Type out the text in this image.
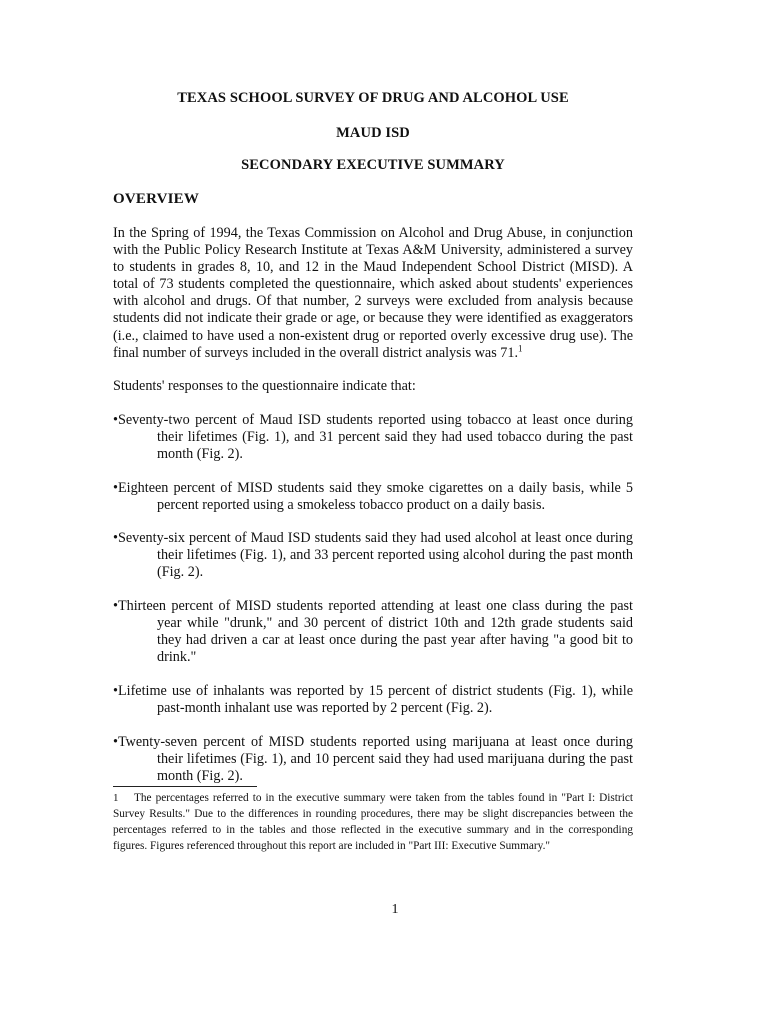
TEXAS SCHOOL SURVEY OF DRUG AND ALCOHOL USE
MAUD ISD
SECONDARY EXECUTIVE SUMMARY
OVERVIEW
In the Spring of 1994, the Texas Commission on Alcohol and Drug Abuse, in conjunction with the Public Policy Research Institute at Texas A&M University, administered a survey to students in grades 8, 10, and 12 in the Maud Independent School District (MISD). A total of 73 students completed the questionnaire, which asked about students' experiences with alcohol and drugs. Of that number, 2 surveys were excluded from analysis because students did not indicate their grade or age, or because they were identified as exaggerators (i.e., claimed to have used a non-existent drug or reported overly excessive drug use). The final number of surveys included in the overall district analysis was 71.$^1$
Students' responses to the questionnaire indicate that:
•Seventy-two percent of Maud ISD students reported using tobacco at least once during their lifetimes (Fig. 1), and 31 percent said they had used tobacco during the past month (Fig. 2).
•Eighteen percent of MISD students said they smoke cigarettes on a daily basis, while 5 percent reported using a smokeless tobacco product on a daily basis.
•Seventy-six percent of Maud ISD students said they had used alcohol at least once during their lifetimes (Fig. 1), and 33 percent reported using alcohol during the past month (Fig. 2).
•Thirteen percent of MISD students reported attending at least one class during the past year while "drunk," and 30 percent of district 10th and 12th grade students said they had driven a car at least once during the past year after having "a good bit to drink."
•Lifetime use of inhalants was reported by 15 percent of district students (Fig. 1), while past-month inhalant use was reported by 2 percent (Fig. 2).
•Twenty-seven percent of MISD students reported using marijuana at least once during their lifetimes (Fig. 1), and 10 percent said they had used marijuana during the past month (Fig. 2).
1 The percentages referred to in the executive summary were taken from the tables found in "Part I: District Survey Results." Due to the differences in rounding procedures, there may be slight discrepancies between the percentages referred to in the tables and those reflected in the executive summary and in the corresponding figures. Figures referenced throughout this report are included in "Part III: Executive Summary."
1
